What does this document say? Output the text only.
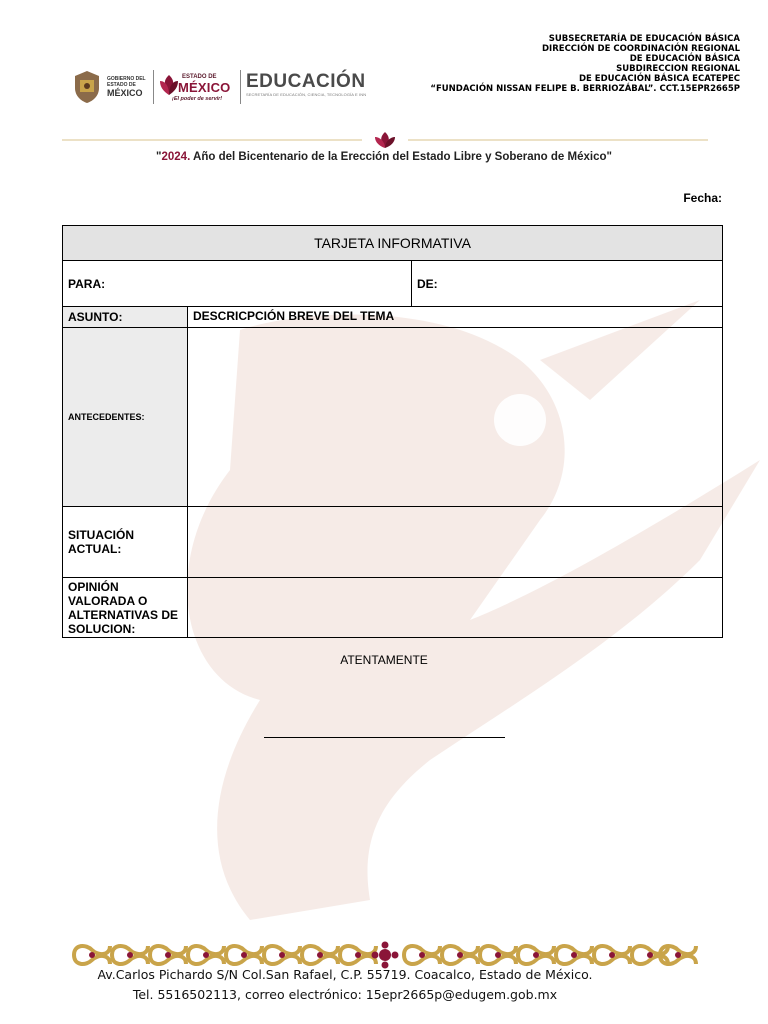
GOBIERNO DEL
ESTADO DE
MÉXICO
ESTADO DE
MÉXICO
¡El poder de servir!
EDUCACIÓN
SECRETARÍA DE EDUCACIÓN, CIENCIA, TECNOLOGÍA E INN
SUBSECRETARÍA DE EDUCACIÓN BÁSICA
DIRECCIÓN DE COORDINACIÓN REGIONAL
DE EDUCACIÓN BÁSICA
SUBDIRECCION REGIONAL
DE EDUCACIÓN BÁSICA ECATEPEC
“FUNDACIÓN NISSAN FELIPE B. BERRIOZÁBAL”. CCT.15EPR2665P
"2024. Año del Bicentenario de la Erección del Estado Libre y Soberano de México"
Fecha:
TARJETA INFORMATIVA		
PARA:		DE:
ASUNTO:	DESCRICPCIÓN BREVE DEL TEMA	
ANTECEDENTES:		
SITUACIÓN ACTUAL:		
OPINIÓN VALORADA O ALTERNATIVAS DE SOLUCION:		
ATENTAMENTE
Av.Carlos Pichardo S/N Col.San Rafael, C.P. 55719. Coacalco, Estado de México.
Tel. 5516502113, correo electrónico: 15epr2665p@edugem.gob.mx
